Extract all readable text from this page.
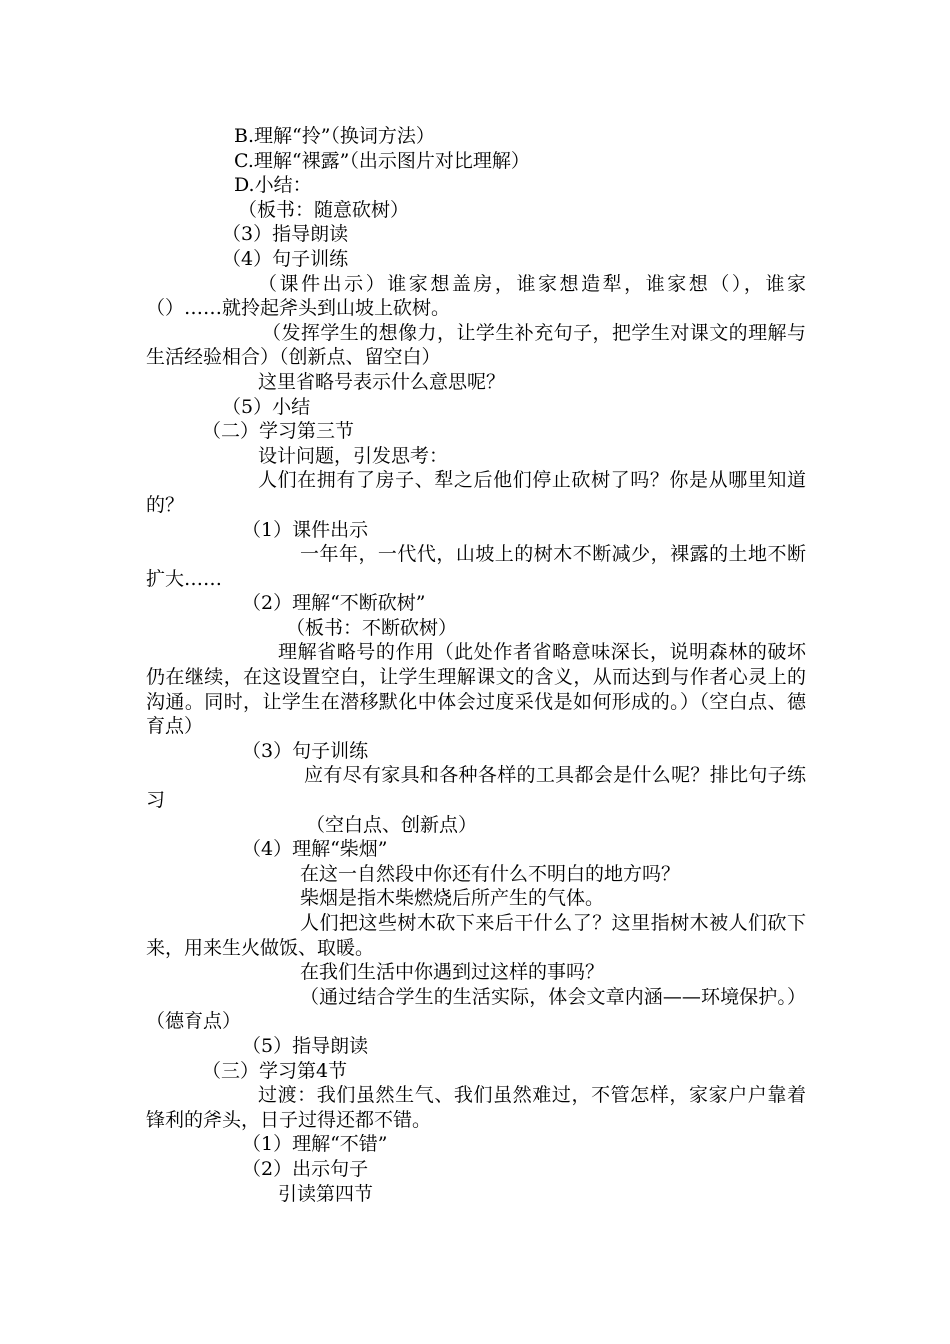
B.理解“拎”（换词方法）

C.理解“裸露”（出示图片对比理解）

D.小结：

（板书：随意砍树）

（3）指导朗读

（4）句子训练

（课件出示）谁家想盖房，谁家想造犁，谁家想（），谁家（）……就拎起斧头到山坡上砍树。

（发挥学生的想像力，让学生补充句子，把学生对课文的理解与生活经验相合）（创新点、留空白）

这里省略号表示什么意思呢？

（5）小结

（二）学习第三节

设计问题，引发思考：

人们在拥有了房子、犁之后他们停止砍树了吗？你是从哪里知道的？

（1）课件出示

一年年，一代代，山坡上的树木不断减少，裸露的土地不断扩大……

（2）理解“不断砍树”

（板书：不断砍树）

理解省略号的作用（此处作者省略意味深长，说明森林的破坏仍在继续，在这设置空白，让学生理解课文的含义，从而达到与作者心灵上的沟通。同时，让学生在潜移默化中体会过度采伐是如何形成的。）（空白点、德育点）

（3）句子训练

应有尽有家具和各种各样的工具都会是什么呢？排比句子练习

（空白点、创新点）

（4）理解“柴烟”

在这一自然段中你还有什么不明白的地方吗？

柴烟是指木柴燃烧后所产生的气体。

人们把这些树木砍下来后干什么了？这里指树木被人们砍下来，用来生火做饭、取暖。

在我们生活中你遇到过这样的事吗？

（通过结合学生的生活实际，体会文章内涵——环境保护。）（德育点）

（5）指导朗读

（三）学习第4节

过渡：我们虽然生气、我们虽然难过，不管怎样，家家户户靠着锋利的斧头，日子过得还都不错。

（1）理解“不错”

（2）出示句子

引读第四节
